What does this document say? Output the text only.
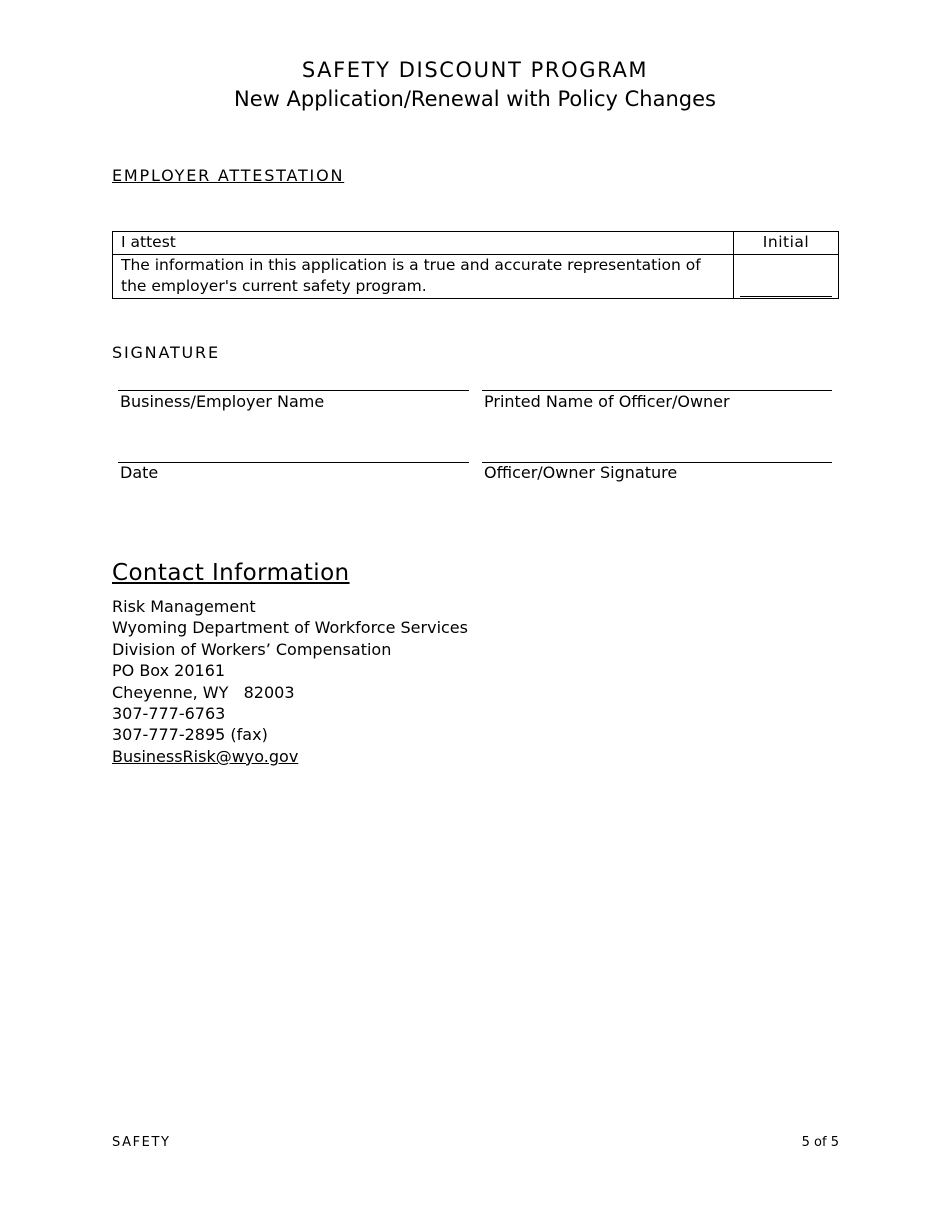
SAFETY DISCOUNT PROGRAM
New Application/Renewal with Policy Changes
EMPLOYER ATTESTATION
I attest	Initial
The information in this application is a true and accurate representation of the employer's current safety program.	
SIGNATURE
Business/Employer Name	Printed Name of Officer/Owner
Date	Officer/Owner Signature
Contact Information
Risk Management
Wyoming Department of Workforce Services
Division of Workers’ Compensation
PO Box 20161
Cheyenne, WY   82003
307-777-6763
307-777-2895 (fax)
BusinessRisk@wyo.gov
SAFETY	5 of 5
